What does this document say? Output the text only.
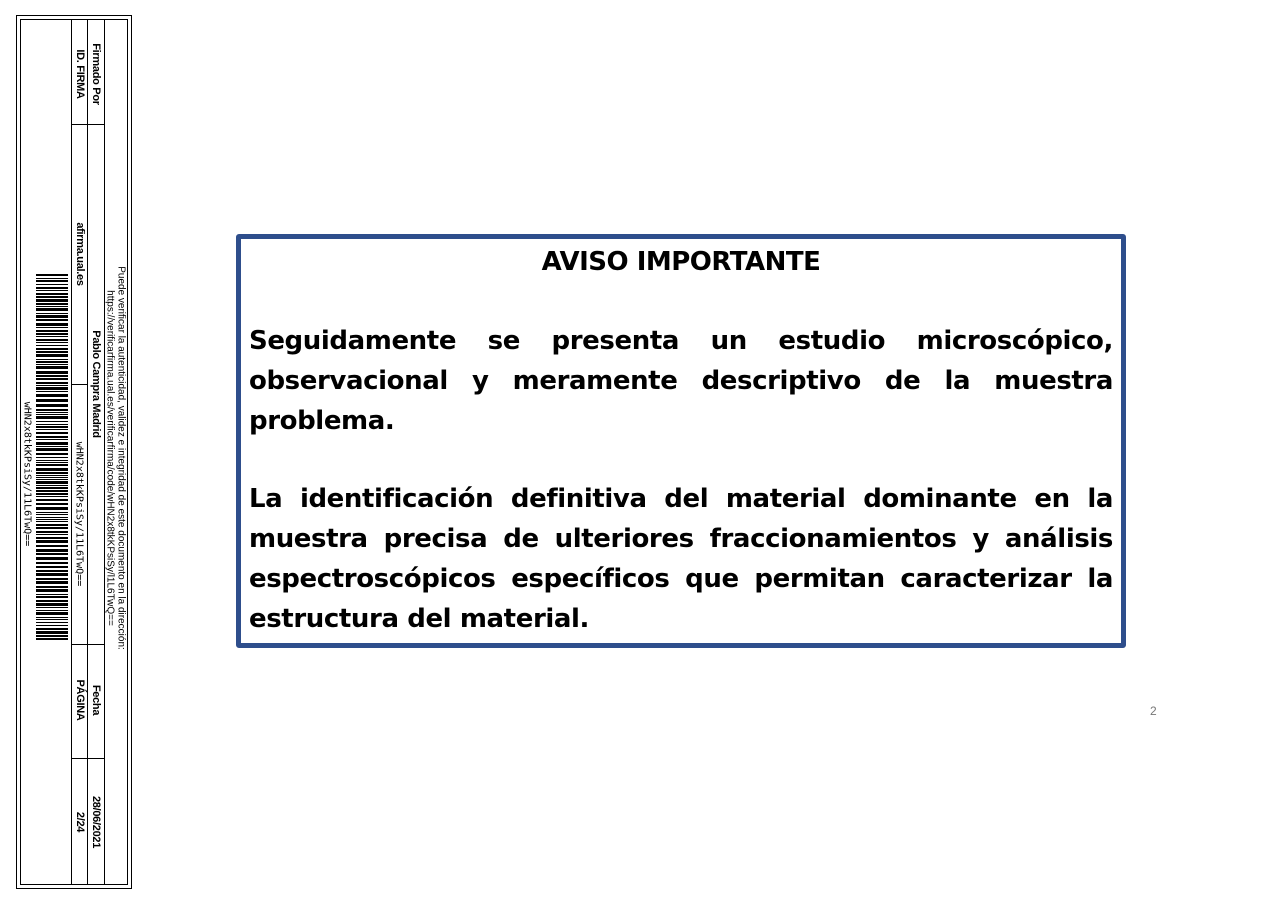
wHN2x8tkKPsiSy/11L6TwQ==
ID. FIRMA
afirma.ual.es
wHN2x8tkKPsiSy/11L6TwQ==
PÁGINA
2/24
Firmado Por
Pablo Campra Madrid
Fecha
28/06/2021
Puede verificar la autenticidad, validez e integridad de este documento en la dirección:
https://verificarfirma.ual.es/verificarfirma/code/wHN2x8tkKPsiSy/l1L6TwQ==
AVISO IMPORTANTE
Seguidamente se presenta un estudio microscópico, observacional y meramente descriptivo de la muestra problema.
La identificación definitiva del material dominante en la muestra precisa de ulteriores fraccionamientos y análisis espectroscópicos específicos que permitan caracterizar la estructura del material.
2
